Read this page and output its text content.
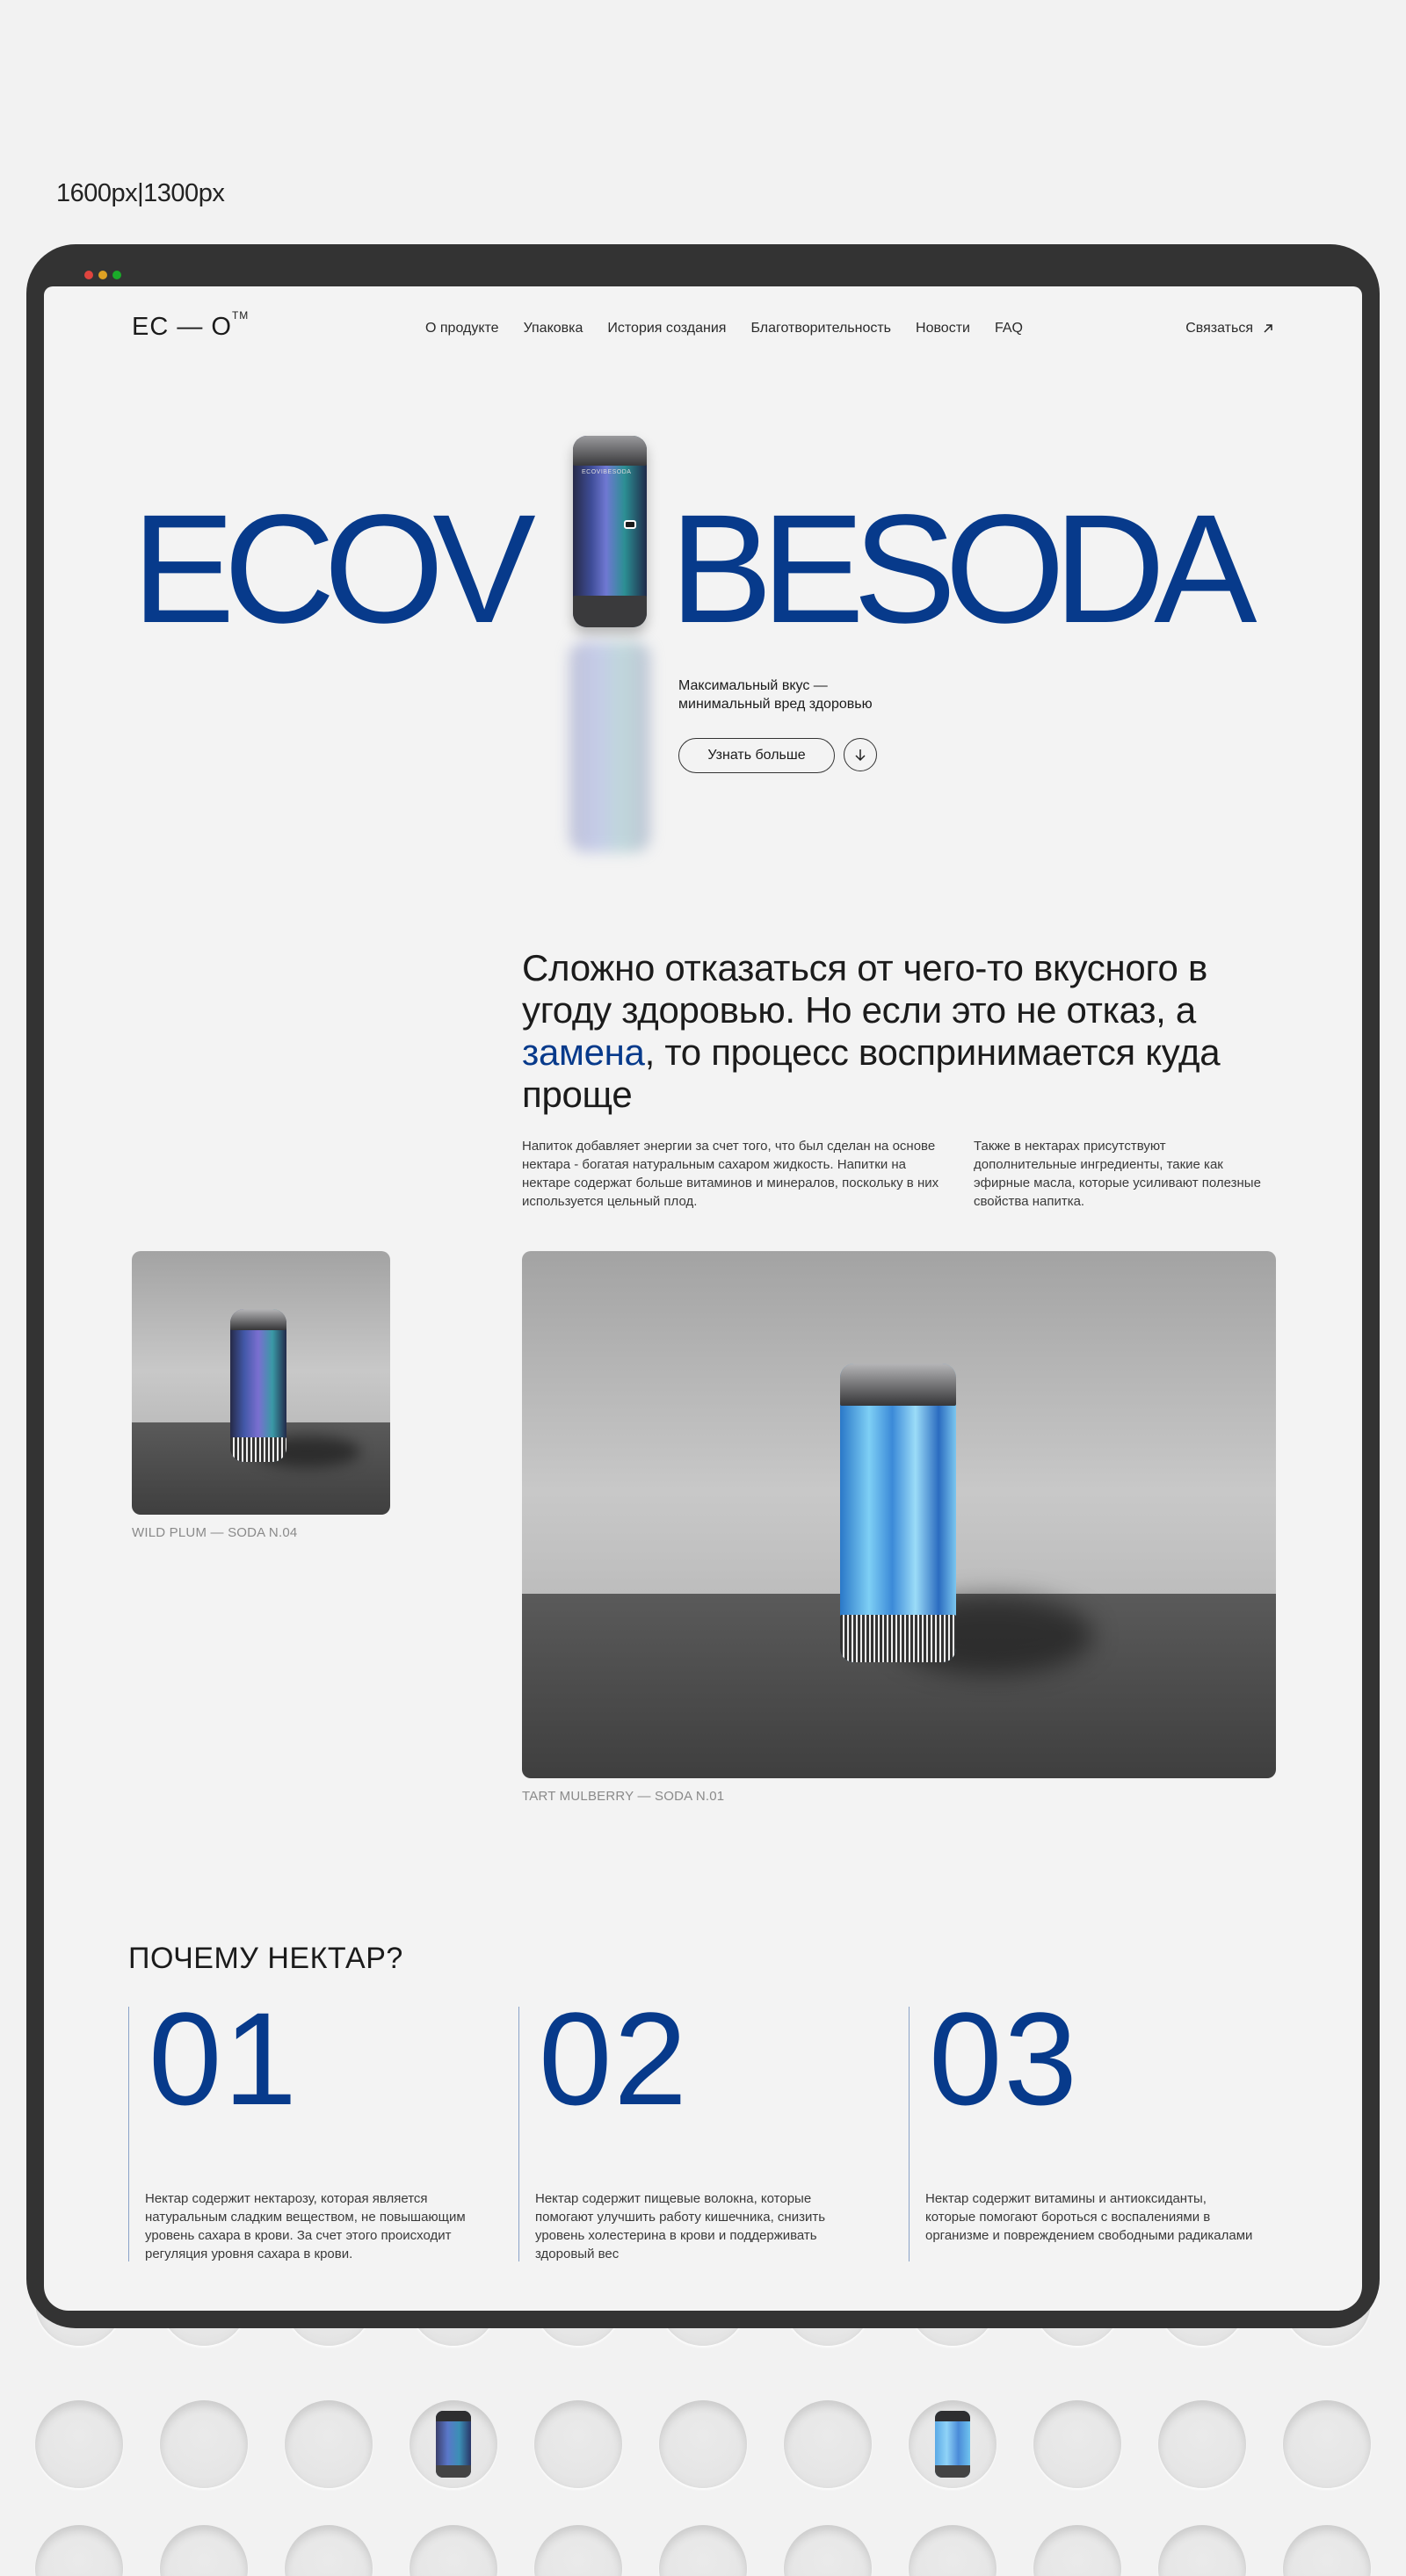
1600px|1300px
EC — O™
О продукте Упаковка История создания Благотворительность Новости FAQ	Связаться
ECOV BESODA
ECOVIBESODA
Максимальный вкус —
минимальный вред здоровью
Узнать больше
Сложно отказаться от чего-то вкусного в угоду здоровью. Но если это не отказ, а замена, то процесс воспринимается куда проще
Напиток добавляет энергии за счет того, что был сделан на основе нектара - богатая натуральным сахаром жидкость. Напитки на нектаре содержат больше витаминов и минералов, поскольку в них используется цельный плод.
Также в нектарах присутствуют дополнительные ингредиенты, такие как эфирные масла, которые усиливают полезные свойства напитка.
WILD PLUM — SODA N.04
TART MULBERRY — SODA N.01
ПОЧЕМУ НЕКТАР?
01
Нектар содержит нектарозу, которая является натуральным сладким веществом, не повышающим уровень сахара в крови. За счет этого происходит регуляция уровня сахара в крови.
02
Нектар содержит пищевые волокна, которые помогают улучшить работу кишечника, снизить уровень холестерина в крови и поддерживать здоровый вес
03
Нектар содержит витамины и антиоксиданты, которые помогают бороться с воспалениями в организме и повреждением свободными радикалами
